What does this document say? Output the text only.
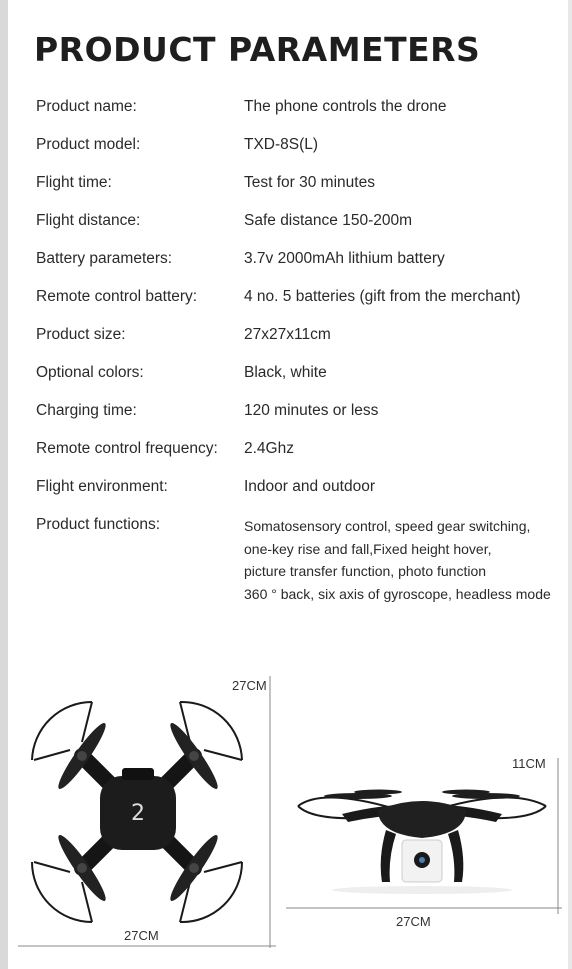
PRODUCT PARAMETERS
Product name:	The phone controls the drone
Product model:	TXD-8S(L)
Flight time:	Test for 30 minutes
Flight distance:	Safe distance 150-200m
Battery parameters:	3.7v 2000mAh lithium battery
Remote control battery:	4 no. 5 batteries (gift from the merchant)
Product size:	27x27x11cm
Optional colors:	Black, white
Charging time:	120 minutes or less
Remote control frequency:	2.4Ghz
Flight environment:	Indoor and outdoor
Product functions:	Somatosensory control, speed gear switching,
one-key rise and fall,Fixed height hover,
picture transfer function, photo function
360 ° back, six axis of gyroscope, headless mode
2
27CM
27CM
11CM
27CM
